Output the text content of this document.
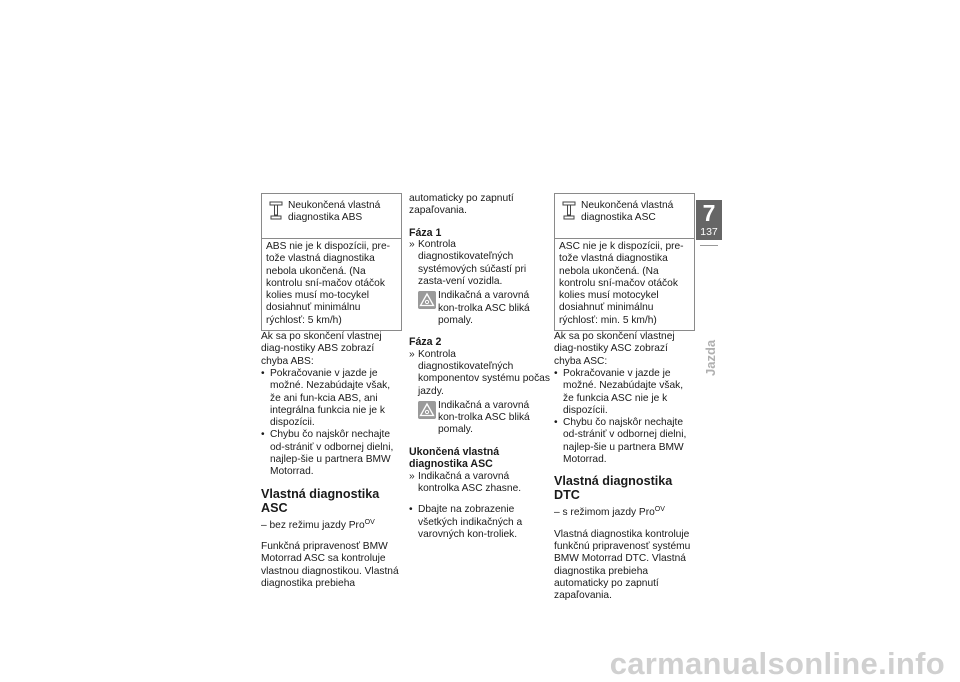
Neukončená vlastná diagnostika ABS

ABS nie je k dispozícii, pre-tože vlastná diagnostika nebola ukončená. (Na kontrolu sní-mačov otáčok kolies musí mo-tocykel dosiahnuť minimálnu rýchlosť: 5 km/h)

Ak sa po skončení vlastnej diag-nostiky ABS zobrazí chyba ABS:

• Pokračovanie v jazde je možné. Nezabúdajte však, že ani fun-kcia ABS, ani integrálna funkcia nie je k dispozícii.
• Chybu čo najskôr nechajte od-strániť v odbornej dielni, najlep-šie u partnera BMW Motorrad.
Vlastná diagnostika ASC

– bez režimu jazdy Pro$^{OV}$

Funkčná pripravenosť BMW Motorrad ASC sa kontroluje vlastnou diagnostikou. Vlastná diagnostika prebieha

automaticky po zapnutí zapaľovania.

Fáza 1
» Kontrola diagnostikovateľných systémových súčastí pri zasta-vení vozidla.

Indikačná a varovná kon-trolka ASC bliká pomaly.

Fáza 2
» Kontrola diagnostikovateľných komponentov systému počas jazdy.

Indikačná a varovná kon-trolka ASC bliká pomaly.

Ukončená vlastná diagnostika ASC
» Indikačná a varovná kontrolka ASC zhasne.
• Dbajte na zobrazenie všetkých indikačných a varovných kon-troliek.

Neukončená vlastná diagnostika ASC

ASC nie je k dispozícii, pre-tože vlastná diagnostika nebola ukončená. (Na kontrolu sní-mačov otáčok kolies musí motocykel dosiahnuť minimálnu rýchlosť: min. 5 km/h)

Ak sa po skončení vlastnej diag-nostiky ASC zobrazí chyba ASC:

• Pokračovanie v jazde je možné. Nezabúdajte však, že funkcia ASC nie je k dispozícii.
• Chybu čo najskôr nechajte od-strániť v odbornej dielni, najlep-šie u partnera BMW Motorrad.
Vlastná diagnostika DTC

– s režimom jazdy Pro$^{OV}$

Vlastná diagnostika kontroluje funkčnú pripravenosť systému BMW Motorrad DTC. Vlastná diagnostika prebieha automaticky po zapnutí zapaľovania.

7
137
Jazda
carmanualsonline.info
